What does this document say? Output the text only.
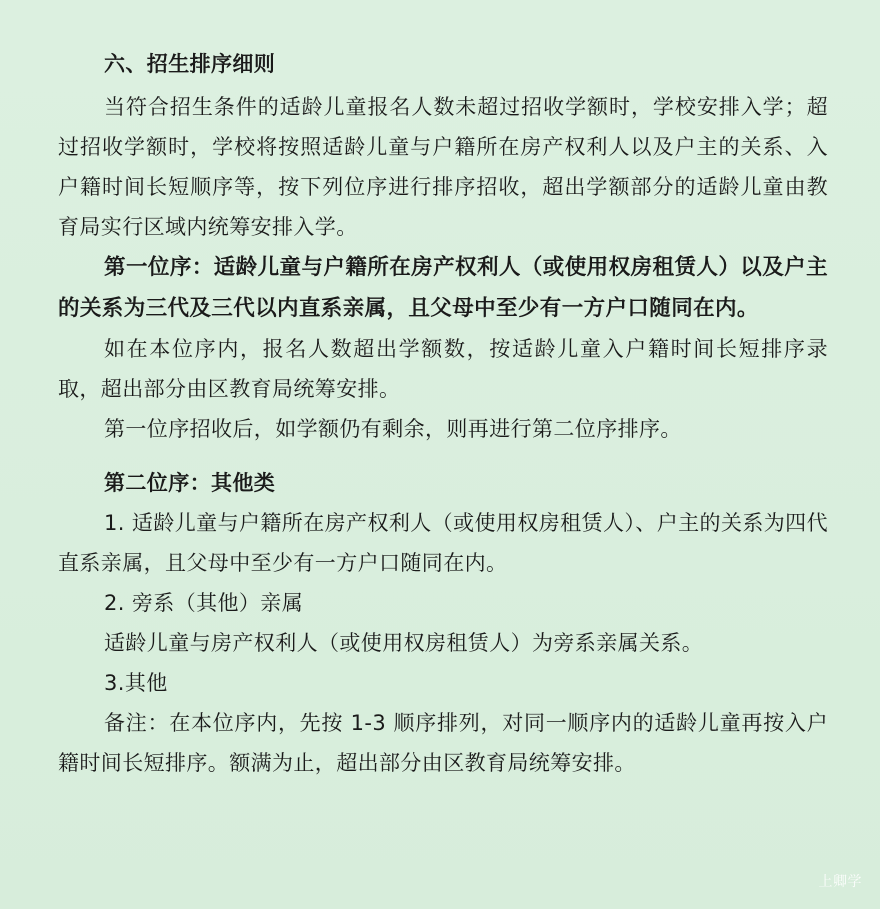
六、招生排序细则

当符合招生条件的适龄儿童报名人数未超过招收学额时，学校安排入学；超过招收学额时，学校将按照适龄儿童与户籍所在房产权利人以及户主的关系、入户籍时间长短顺序等，按下列位序进行排序招收，超出学额部分的适龄儿童由教育局实行区域内统筹安排入学。

第一位序：适龄儿童与户籍所在房产权利人（或使用权房租赁人）以及户主的关系为三代及三代以内直系亲属，且父母中至少有一方户口随同在内。

如在本位序内，报名人数超出学额数，按适龄儿童入户籍时间长短排序录取，超出部分由区教育局统筹安排。

第一位序招收后，如学额仍有剩余，则再进行第二位序排序。

第二位序：其他类

1. 适龄儿童与户籍所在房产权利人（或使用权房租赁人）、户主的关系为四代直系亲属，且父母中至少有一方户口随同在内。

2. 旁系（其他）亲属

适龄儿童与房产权利人（或使用权房租赁人）为旁系亲属关系。

3.其他

备注：在本位序内，先按 1-3 顺序排列，对同一顺序内的适龄儿童再按入户籍时间长短排序。额满为止，超出部分由区教育局统筹安排。

上卿学
